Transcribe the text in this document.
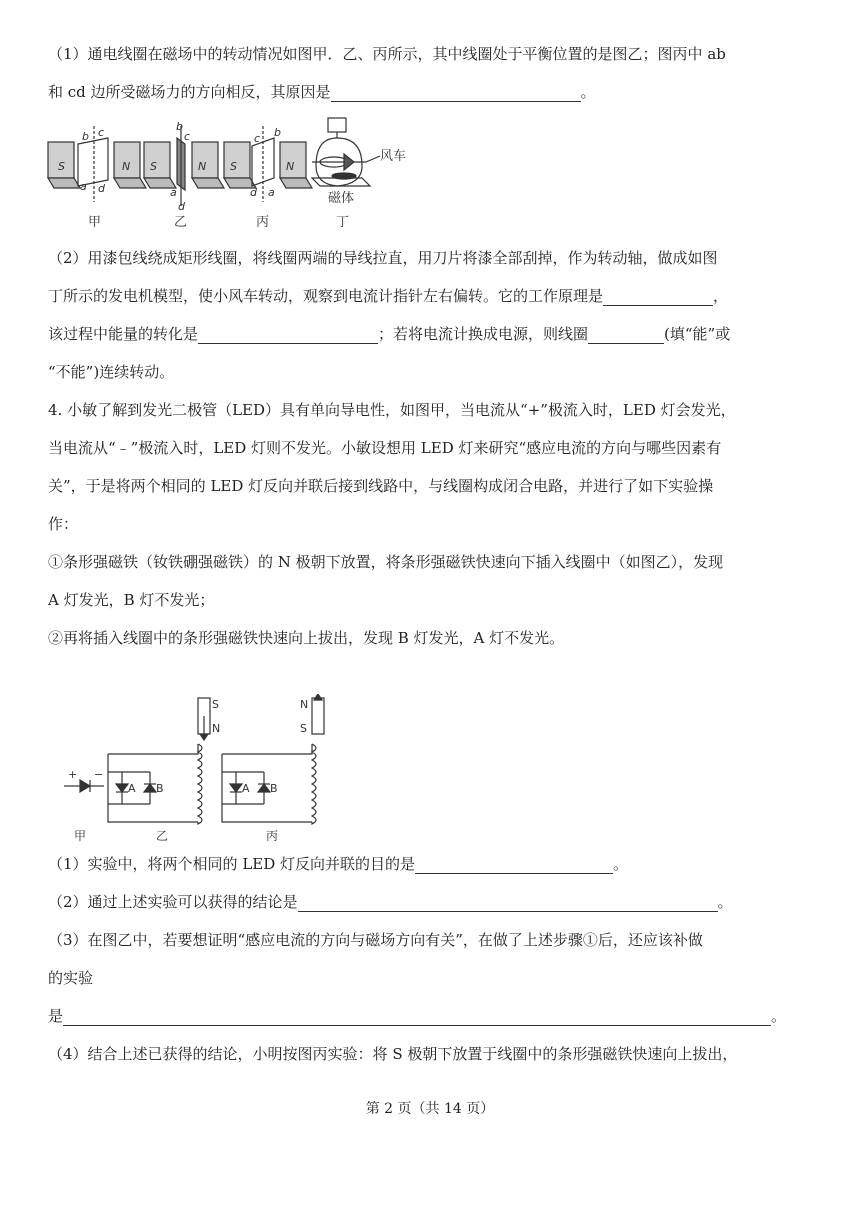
（1）通电线圈在磁场中的转动情况如图甲．乙、丙所示，其中线圈处于平衡位置的是图乙；图丙中 ab
和 cd 边所受磁场力的方向相反，其原因是	。
S	N
b c
a d
S	N
b
c
a
d
S	N
c b
d a
风车
磁体
甲	乙	丙	丁
（2）用漆包线绕成矩形线圈，将线圈两端的导线拉直，用刀片将漆全部刮掉，作为转动轴，做成如图
丁所示的发电机模型，使小风车转动，观察到电流计指针左右偏转。它的工作原理是	，
该过程中能量的转化是	；若将电流计换成电源，则线圈	(填“能”或
“不能”)连续转动。
4. 小敏了解到发光二极管（LED）具有单向导电性，如图甲，当电流从“+”极流入时，LED 灯会发光，
当电流从“﹣”极流入时，LED 灯则不发光。小敏设想用 LED 灯来研究“感应电流的方向与哪些因素有
关”，于是将两个相同的 LED 灯反向并联后接到线路中，与线圈构成闭合电路，并进行了如下实验操
作：
①条形强磁铁（钕铁硼强磁铁）的 N 极朝下放置，将条形强磁铁快速向下插入线圈中（如图乙），发现
A 灯发光，B 灯不发光；
②再将插入线圈中的条形强磁铁快速向上拔出，发现 B 灯发光，A 灯不发光。
+ −
S
N
N
S
A B	A B
甲	乙	丙
（1）实验中，将两个相同的 LED 灯反向并联的目的是	。
（2）通过上述实验可以获得的结论是	。
（3）在图乙中，若要想证明“感应电流的方向与磁场方向有关”，在做了上述步骤①后，还应该补做
的实验
是	。
（4）结合上述已获得的结论，小明按图丙实验：将 S 极朝下放置于线圈中的条形强磁铁快速向上拔出，
第 2 页（共 14 页）
